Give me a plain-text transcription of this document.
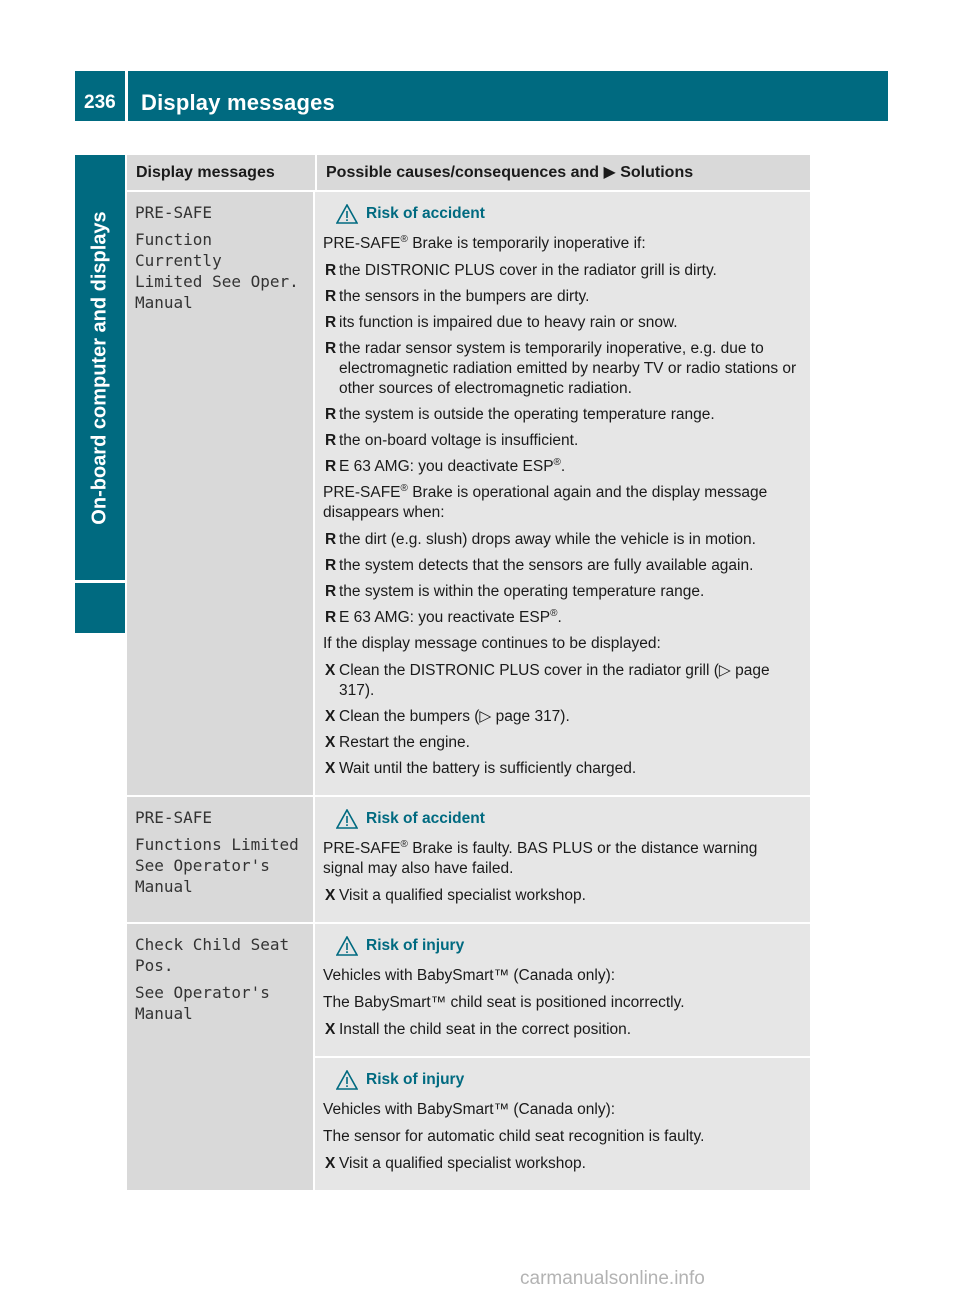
236 Display messages
On-board computer and displays
Display messages	Possible causes/consequences and ▶ Solutions

PRE-SAFE

Function Currently
Limited See Oper.
Manual

Risk of accident

PRE-SAFE® Brake is temporarily inoperative if:

R the DISTRONIC PLUS cover in the radiator grill is dirty.
R the sensors in the bumpers are dirty.
R its function is impaired due to heavy rain or snow.
R the radar sensor system is temporarily inoperative, e.g. due to electromagnetic radiation emitted by nearby TV or radio stations or other sources of electromagnetic radiation.
R the system is outside the operating temperature range.
R the on-board voltage is insufficient.
R E 63 AMG: you deactivate ESP®.

PRE-SAFE® Brake is operational again and the display message disappears when:

R the dirt (e.g. slush) drops away while the vehicle is in motion.
R the system detects that the sensors are fully available again.
R the system is within the operating temperature range.
R E 63 AMG: you reactivate ESP®.

If the display message continues to be displayed:

X Clean the DISTRONIC PLUS cover in the radiator grill (▷ page 317).
X Clean the bumpers (▷ page 317).
X Restart the engine.
X Wait until the battery is sufficiently charged.

PRE-SAFE

Functions Limited
See Operator's
Manual

Risk of accident

PRE-SAFE® Brake is faulty. BAS PLUS or the distance warning signal may also have failed.

X Visit a qualified specialist workshop.

Check Child Seat
Pos.

See Operator's
Manual

Risk of injury

Vehicles with BabySmart™ (Canada only):

The BabySmart™ child seat is positioned incorrectly.

X Install the child seat in the correct position.
Risk of injury

Vehicles with BabySmart™ (Canada only):

The sensor for automatic child seat recognition is faulty.

X Visit a qualified specialist workshop.
carmanualsonline.info
